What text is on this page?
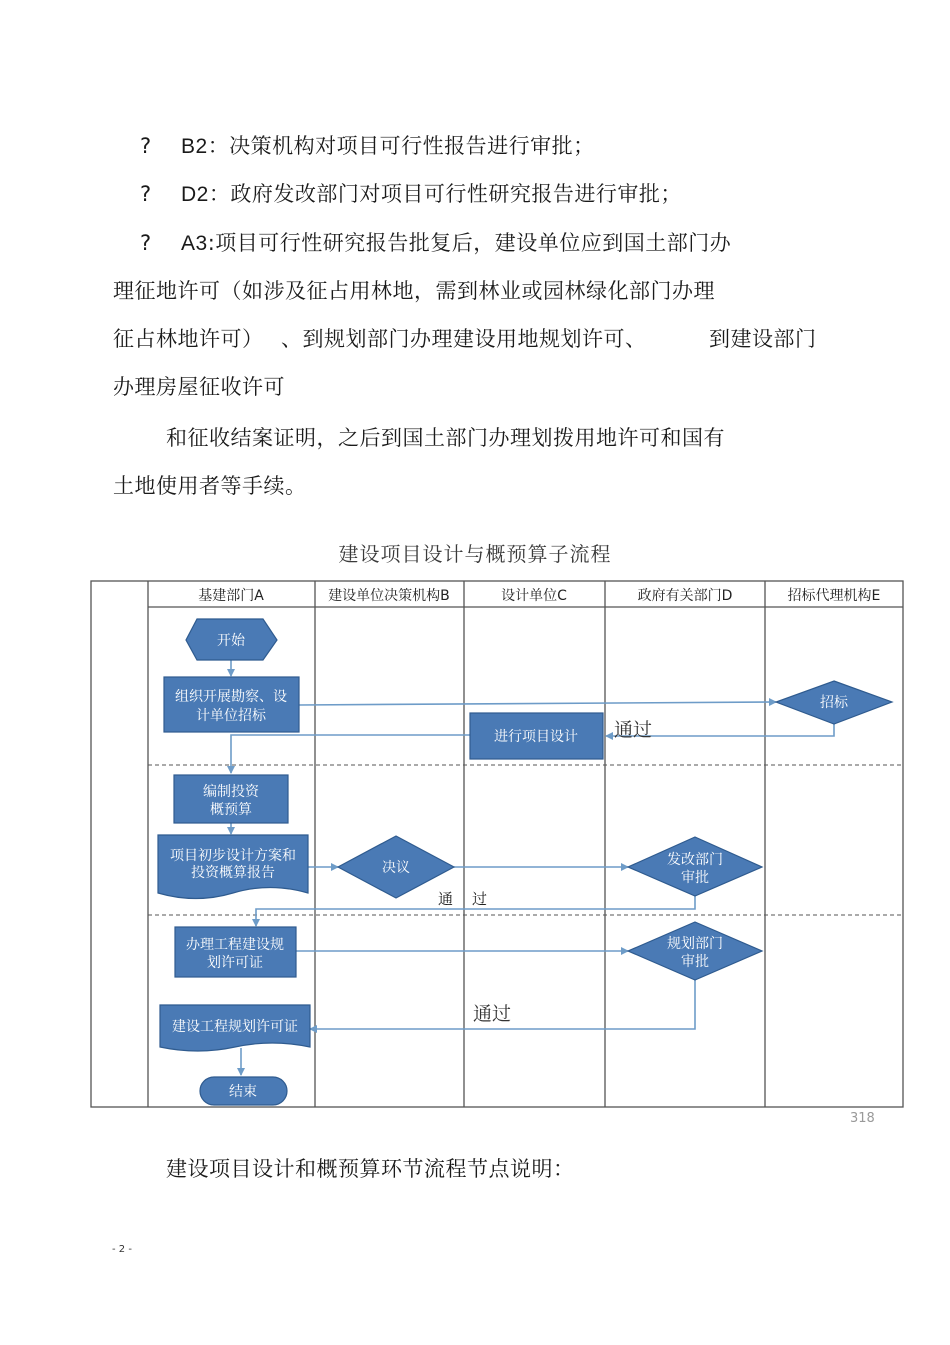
? B2：决策机构对项目可行性报告进行审批；
? D2：政府发改部门对项目可行性研究报告进行审批；
? A3:项目可行性研究报告批复后，建设单位应到国土部门办
理征地许可（如涉及征占用林地，需到林业或园林绿化部门办理
征占林地许可） 、到规划部门办理建设用地规划许可、	到建设部门
办理房屋征收许可
和征收结案证明，之后到国土部门办理划拨用地许可和国有
土地使用者等手续。
建设项目设计与概预算子流程
基建部门A	建设单位决策机构B	设计单位C	政府有关部门D	招标代理机构E
开始
组织开展勘察、设
计单位招标
招标
进行项目设计
编制投资
概预算
项目初步设计方案和
投资概算报告	决议	发改部门
审批
办理工程建设规
划许可证
规划部门
审批
建设工程规划许可证
结束
通过
通 过
通过
318
建设项目设计和概预算环节流程节点说明：
- 2 -
